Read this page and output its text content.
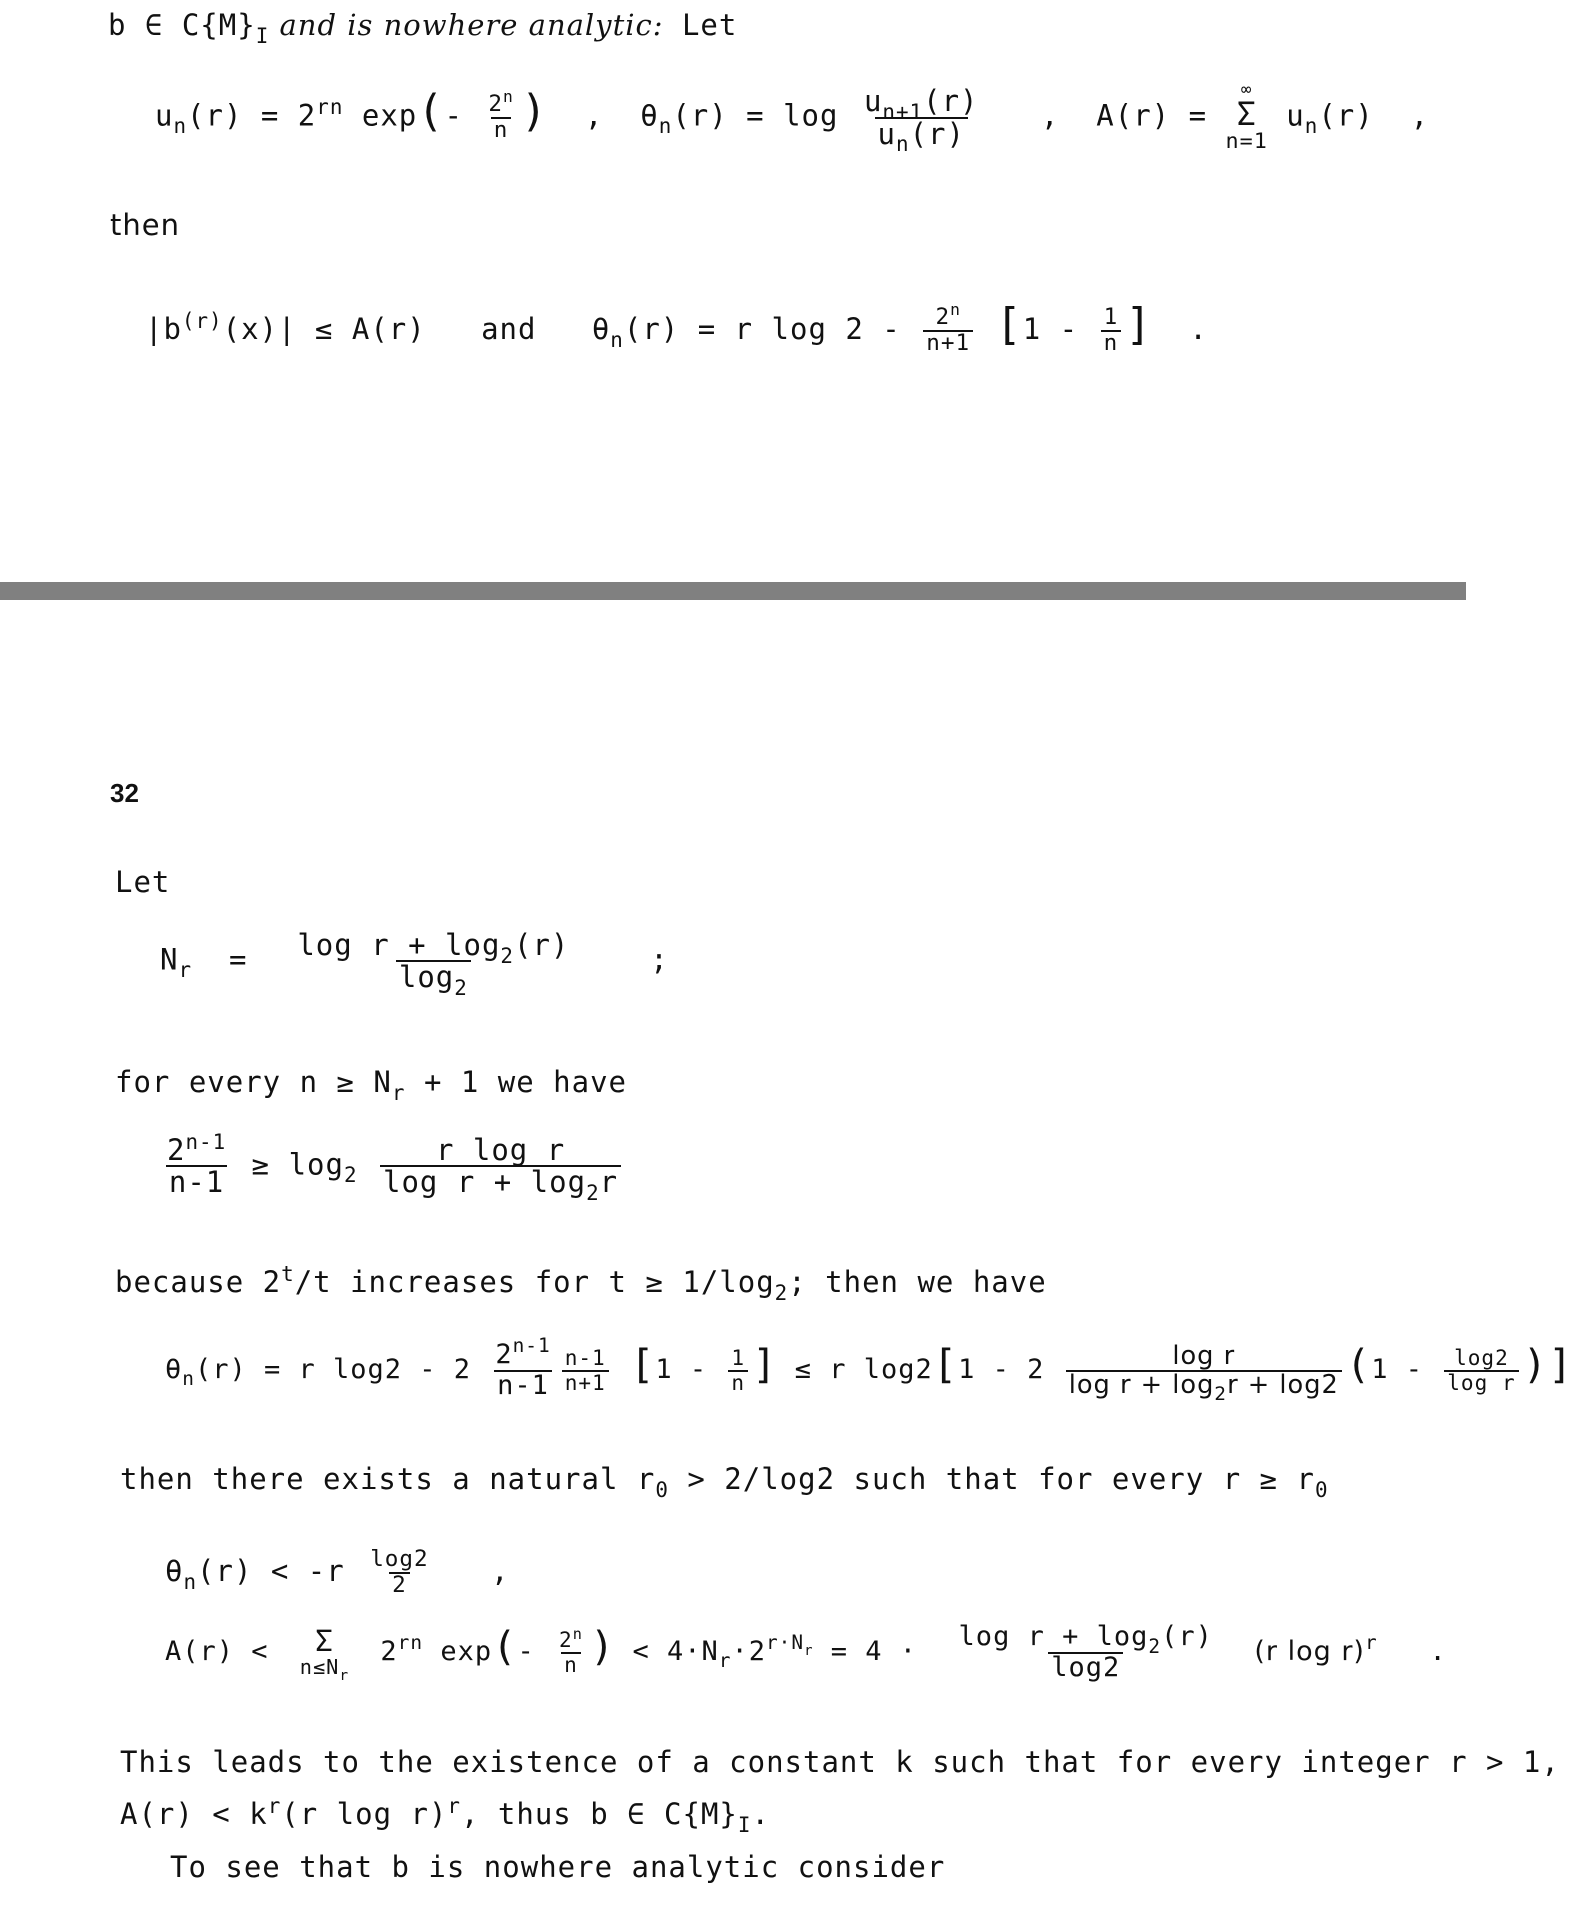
b ∈ $C\{M\}_I$ and is nowhere analytic: Let
$u_n(r) = 2^{rn}$ $\exp(- \frac{2^n}{n}$ )  ,  $\theta_n(r) = \log \frac{u_{n+1}(r)}{u_n(r)}$ ,  A(r) =
∞
Σ
n=1
$u_n(r)$  ,
then
$|b^{(r)}(x)| \le A(r)$   and   $\theta_n(r) = r$ $\log 2 - \frac{2^n}{n+1} [1 - \frac{1}{n}$ ]  .
32
Let
$N_r = \frac{\log r + \log_2(r)}{\log_2}$ ;
for every $n \ge N_r + 1$ we have
$\frac{2^{n-1}}{n-1} \ge \log_2 \frac{\text{r log r}}{\log r + \log_2r}$
because 2$^t$/t increases for $t \ge 1/\log_2$; then we have
$\theta_n(r) = r$ $\log 2 - 2 \frac{2^{n-1}}{n-1} \frac{n-1}{n+1} [1 - \frac{1}{n}$ ] ≤ r $\log 2[1 - 2 \frac{\text{log r}}{\log r + \log_2r + \log 2} (1 - \frac{\log 2}{\text{log r}}$ )]
then there exists a natural $r_0 > 2/\log 2$ such that for every $r \ge r_0$
$\theta_n(r) < -r \frac{\log 2}{2}$ ,
A(r) < Σ
$n\le N_r$
$2^{rn}$ $\exp(- \frac{2^n}{n}$ ) < $4\cdot N_r\cdot 2^{r\cdot N_r} = 4 \cdot \frac{\log r + \log_2(r)}{\log 2} (r$ log r)$^r$   .
This leads to the existence of a constant k such that for every integer r > 1,
$A(r) < k^r(r$ log r)$^r$, thus b ∈ $C\{M\}_I$.
To see that b is nowhere analytic consider
